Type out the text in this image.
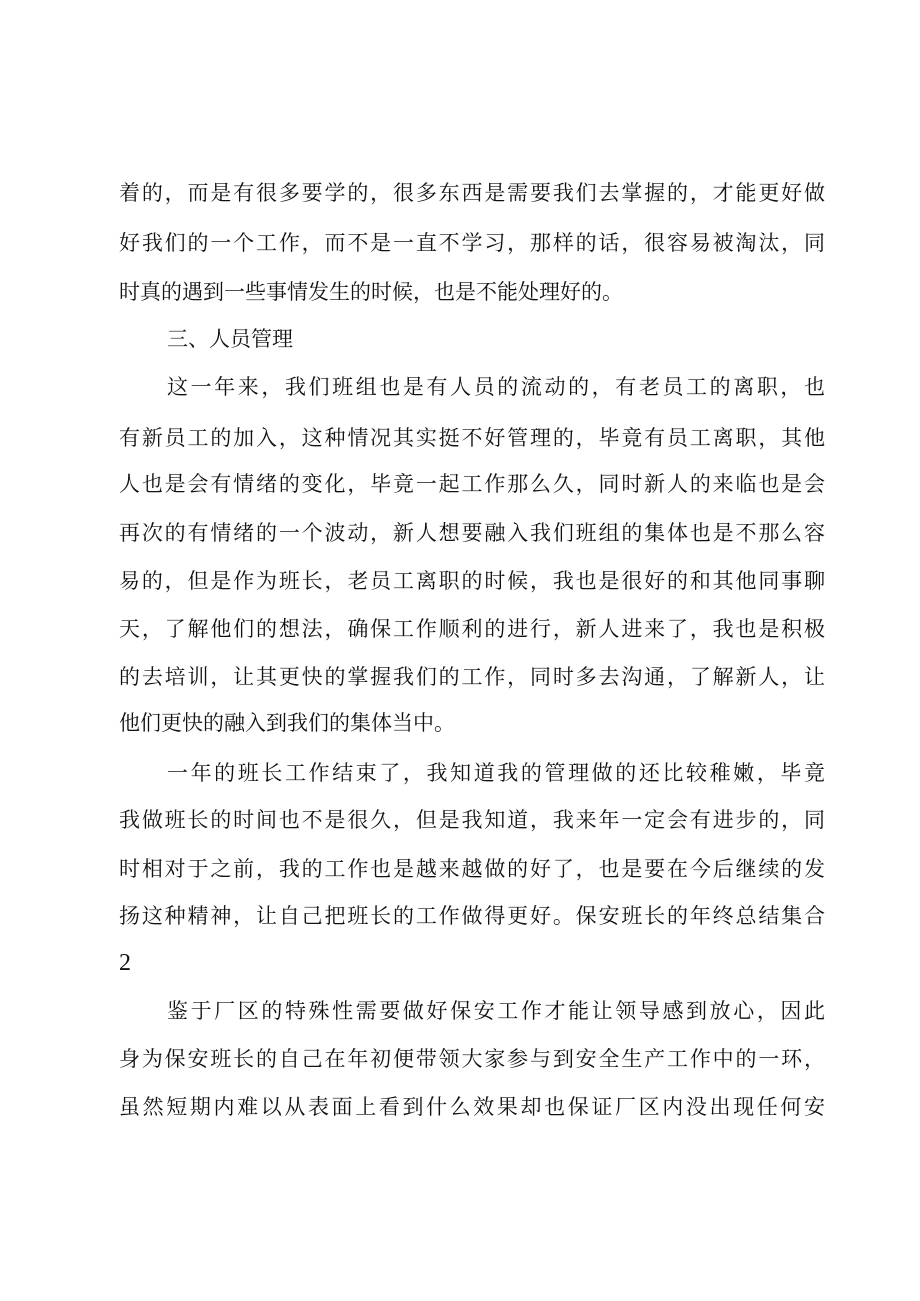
着的，而是有很多要学的，很多东西是需要我们去掌握的，才能更好做
好我们的一个工作，而不是一直不学习，那样的话，很容易被淘汰，同
时真的遇到一些事情发生的时候，也是不能处理好的。
三、人员管理
这一年来，我们班组也是有人员的流动的，有老员工的离职，也
有新员工的加入，这种情况其实挺不好管理的，毕竟有员工离职，其他
人也是会有情绪的变化，毕竟一起工作那么久，同时新人的来临也是会
再次的有情绪的一个波动，新人想要融入我们班组的集体也是不那么容
易的，但是作为班长，老员工离职的时候，我也是很好的和其他同事聊
天，了解他们的想法，确保工作顺利的进行，新人进来了，我也是积极
的去培训，让其更快的掌握我们的工作，同时多去沟通，了解新人，让
他们更快的融入到我们的集体当中。
一年的班长工作结束了，我知道我的管理做的还比较稚嫩，毕竟
我做班长的时间也不是很久，但是我知道，我来年一定会有进步的，同
时相对于之前，我的工作也是越来越做的好了，也是要在今后继续的发
扬这种精神，让自己把班长的工作做得更好。保安班长的年终总结集合
2
鉴于厂区的特殊性需要做好保安工作才能让领导感到放心，因此
身为保安班长的自己在年初便带领大家参与到安全生产工作中的一环，
虽然短期内难以从表面上看到什么效果却也保证厂区内没出现任何安
